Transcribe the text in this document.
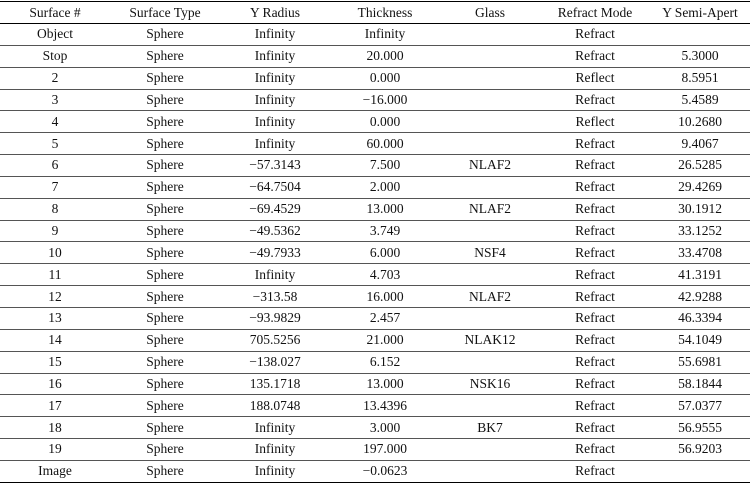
Surface #	Surface Type	Y Radius	Thickness	Glass	Refract Mode	Y Semi-Apert
Object	Sphere	Infinity	Infinity		Refract	
Stop	Sphere	Infinity	20.000		Refract	5.3000
2	Sphere	Infinity	0.000		Reflect	8.5951
3	Sphere	Infinity	−16.000		Refract	5.4589
4	Sphere	Infinity	0.000		Reflect	10.2680
5	Sphere	Infinity	60.000		Refract	9.4067
6	Sphere	−57.3143	7.500	NLAF2	Refract	26.5285
7	Sphere	−64.7504	2.000		Refract	29.4269
8	Sphere	−69.4529	13.000	NLAF2	Refract	30.1912
9	Sphere	−49.5362	3.749		Refract	33.1252
10	Sphere	−49.7933	6.000	NSF4	Refract	33.4708
11	Sphere	Infinity	4.703		Refract	41.3191
12	Sphere	−313.58	16.000	NLAF2	Refract	42.9288
13	Sphere	−93.9829	2.457		Refract	46.3394
14	Sphere	705.5256	21.000	NLAK12	Refract	54.1049
15	Sphere	−138.027	6.152		Refract	55.6981
16	Sphere	135.1718	13.000	NSK16	Refract	58.1844
17	Sphere	188.0748	13.4396		Refract	57.0377
18	Sphere	Infinity	3.000	BK7	Refract	56.9555
19	Sphere	Infinity	197.000		Refract	56.9203
Image	Sphere	Infinity	−0.0623		Refract	
